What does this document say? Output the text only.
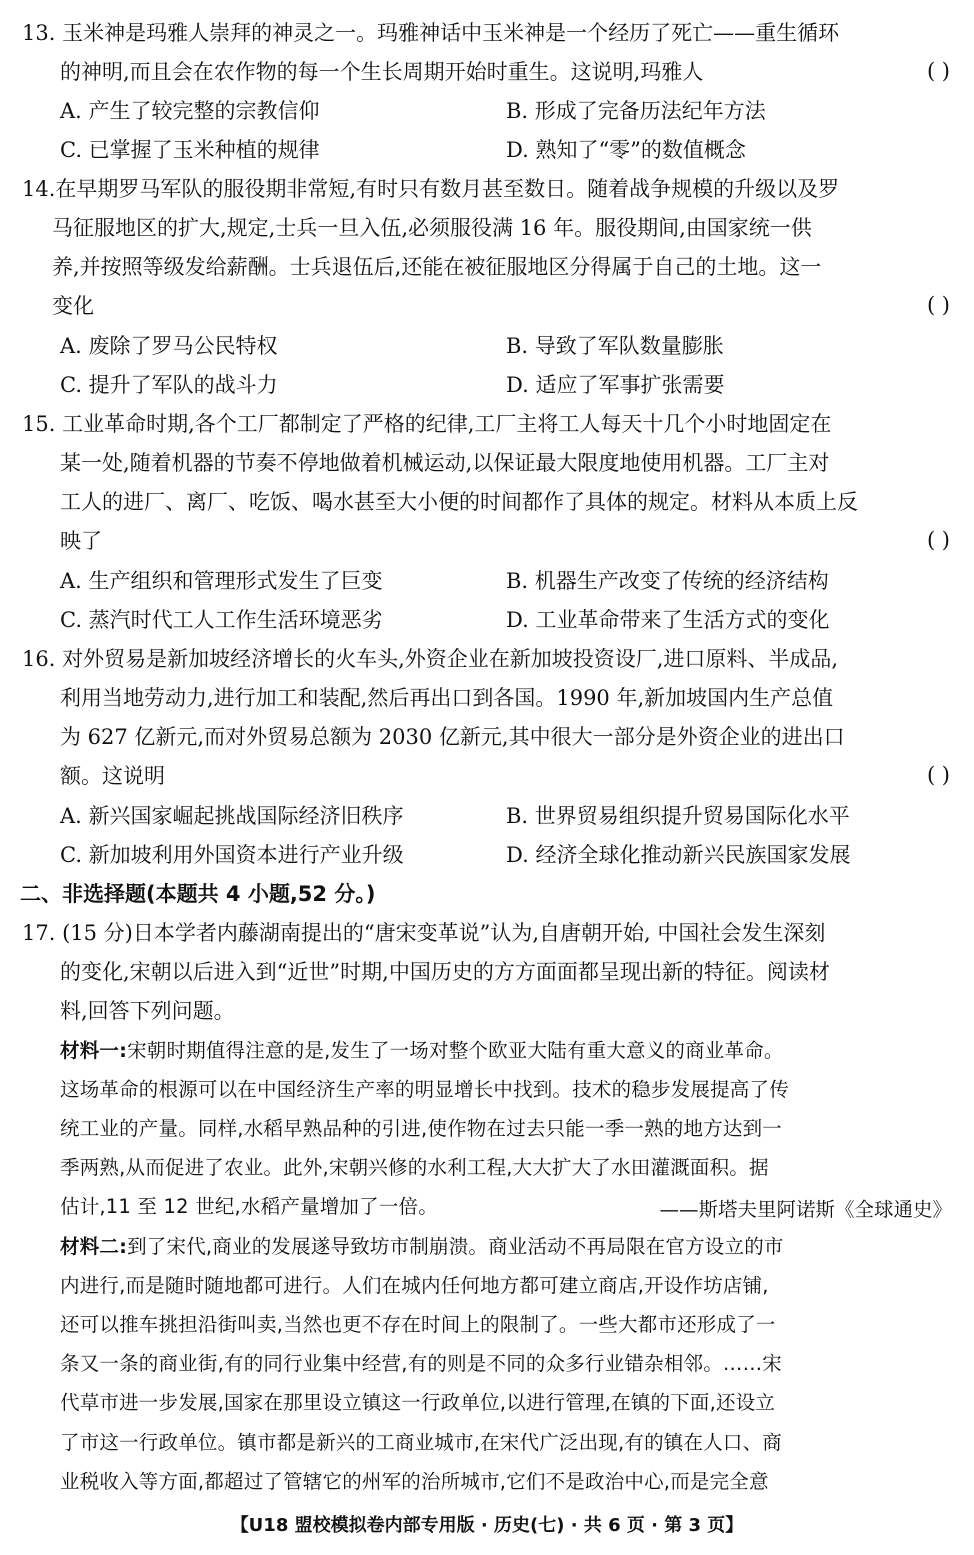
13. 玉米神是玛雅人崇拜的神灵之一。玛雅神话中玉米神是一个经历了死亡——重生循环
的神明,而且会在农作物的每一个生长周期开始时重生。这说明,玛雅人	( )
A. 产生了较完整的宗教信仰	B. 形成了完备历法纪年方法
C. 已掌握了玉米种植的规律	D. 熟知了“零”的数值概念
14.在早期罗马军队的服役期非常短,有时只有数月甚至数日。随着战争规模的升级以及罗
马征服地区的扩大,规定,士兵一旦入伍,必须服役满 16 年。服役期间,由国家统一供
养,并按照等级发给薪酬。士兵退伍后,还能在被征服地区分得属于自己的土地。这一
变化	( )
A. 废除了罗马公民特权	B. 导致了军队数量膨胀
C. 提升了军队的战斗力	D. 适应了军事扩张需要
15. 工业革命时期,各个工厂都制定了严格的纪律,工厂主将工人每天十几个小时地固定在
某一处,随着机器的节奏不停地做着机械运动,以保证最大限度地使用机器。工厂主对
工人的进厂、离厂、吃饭、喝水甚至大小便的时间都作了具体的规定。材料从本质上反
映了	( )
A. 生产组织和管理形式发生了巨变	B. 机器生产改变了传统的经济结构
C. 蒸汽时代工人工作生活环境恶劣	D. 工业革命带来了生活方式的变化
16. 对外贸易是新加坡经济增长的火车头,外资企业在新加坡投资设厂,进口原料、半成品,
利用当地劳动力,进行加工和装配,然后再出口到各国。1990 年,新加坡国内生产总值
为 627 亿新元,而对外贸易总额为 2030 亿新元,其中很大一部分是外资企业的进出口
额。这说明	( )
A. 新兴国家崛起挑战国际经济旧秩序	B. 世界贸易组织提升贸易国际化水平
C. 新加坡利用外国资本进行产业升级	D. 经济全球化推动新兴民族国家发展
二、非选择题(本题共 4 小题,52 分。)
17. (15 分)日本学者内藤湖南提出的“唐宋变革说”认为,自唐朝开始, 中国社会发生深刻
的变化,宋朝以后进入到“近世”时期,中国历史的方方面面都呈现出新的特征。阅读材
料,回答下列问题。
材料一:宋朝时期值得注意的是,发生了一场对整个欧亚大陆有重大意义的商业革命。
这场革命的根源可以在中国经济生产率的明显增长中找到。技术的稳步发展提高了传
统工业的产量。同样,水稻早熟品种的引进,使作物在过去只能一季一熟的地方达到一
季两熟,从而促进了农业。此外,宋朝兴修的水利工程,大大扩大了水田灌溉面积。据
估计,11 至 12 世纪,水稻产量增加了一倍。	——斯塔夫里阿诺斯《全球通史》
材料二:到了宋代,商业的发展遂导致坊市制崩溃。商业活动不再局限在官方设立的市
内进行,而是随时随地都可进行。人们在城内任何地方都可建立商店,开设作坊店铺,
还可以推车挑担沿街叫卖,当然也更不存在时间上的限制了。一些大都市还形成了一
条又一条的商业街,有的同行业集中经营,有的则是不同的众多行业错杂相邻。……宋
代草市进一步发展,国家在那里设立镇这一行政单位,以进行管理,在镇的下面,还设立
了市这一行政单位。镇市都是新兴的工商业城市,在宋代广泛出现,有的镇在人口、商
业税收入等方面,都超过了管辖它的州军的治所城市,它们不是政治中心,而是完全意
【U18 盟校模拟卷内部专用版 · 历史(七) · 共 6 页 · 第 3 页】
